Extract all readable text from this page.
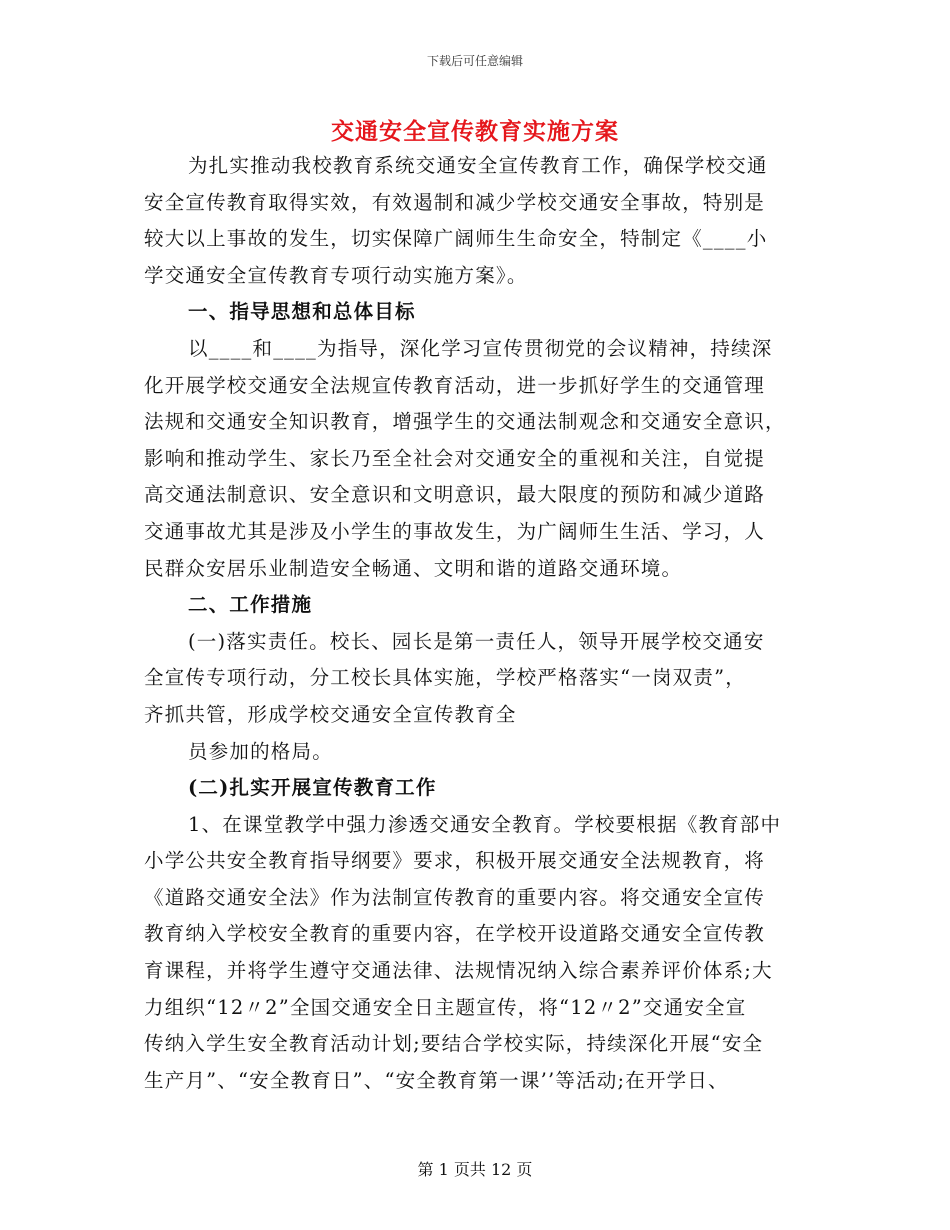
下载后可任意编辑
交通安全宣传教育实施方案
为扎实推动我校教育系统交通安全宣传教育工作，确保学校交通
安全宣传教育取得实效，有效遏制和减少学校交通安全事故，特别是
较大以上事故的发生，切实保障广阔师生生命安全，特制定《____小
学交通安全宣传教育专项行动实施方案》。
一、指导思想和总体目标
以____和____为指导，深化学习宣传贯彻党的会议精神，持续深
化开展学校交通安全法规宣传教育活动，进一步抓好学生的交通管理
法规和交通安全知识教育，增强学生的交通法制观念和交通安全意识，
影响和推动学生、家长乃至全社会对交通安全的重视和关注，自觉提
高交通法制意识、安全意识和文明意识，最大限度的预防和减少道路
交通事故尤其是涉及小学生的事故发生，为广阔师生生活、学习，人
民群众安居乐业制造安全畅通、文明和谐的道路交通环境。
二、工作措施
(一)落实责任。校长、园长是第一责任人，领导开展学校交通安
全宣传专项行动，分工校长具体实施，学校严格落实“一岗双责”，
齐抓共管，形成学校交通安全宣传教育全
员参加的格局。
(二)扎实开展宣传教育工作
1、在课堂教学中强力渗透交通安全教育。学校要根据《教育部中
小学公共安全教育指导纲要》要求，积极开展交通安全法规教育，将
《道路交通安全法》作为法制宣传教育的重要内容。将交通安全宣传
教育纳入学校安全教育的重要内容，在学校开设道路交通安全宣传教
育课程，并将学生遵守交通法律、法规情况纳入综合素养评价体系;大
力组织“12〃2”全国交通安全日主题宣传，将“12〃2”交通安全宣
传纳入学生安全教育活动计划;要结合学校实际，持续深化开展“安全
生产月”、“安全教育日”、“安全教育第一课’’等活动;在开学日、
第 1 页共 12 页
